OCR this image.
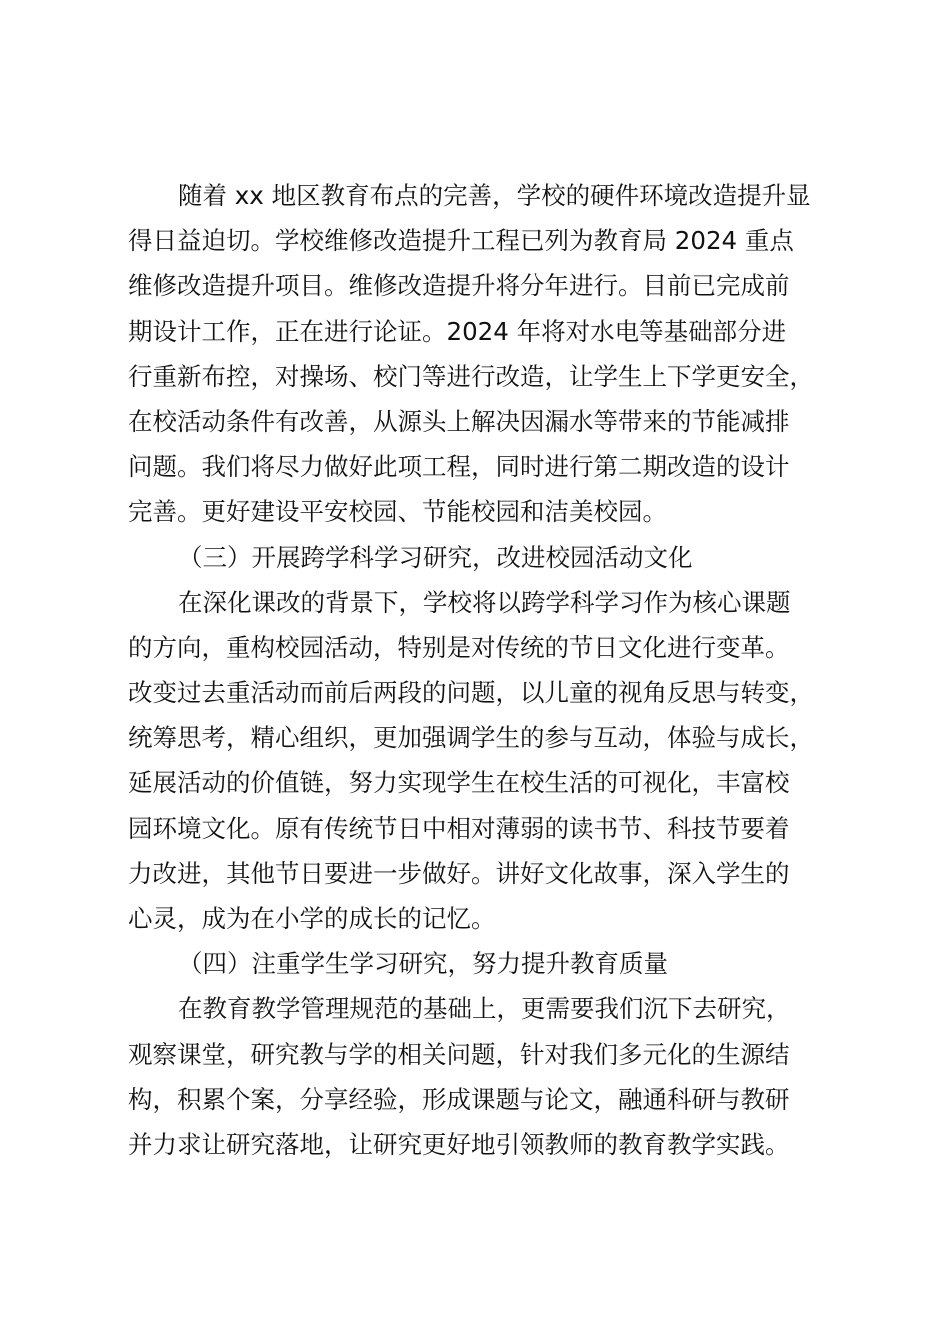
随着 xx 地区教育布点的完善，学校的硬件环境改造提升显
得日益迫切。学校维修改造提升工程已列为教育局 2024 重点
维修改造提升项目。维修改造提升将分年进行。目前已完成前
期设计工作，正在进行论证。2024 年将对水电等基础部分进
行重新布控，对操场、校门等进行改造，让学生上下学更安全，
在校活动条件有改善，从源头上解决因漏水等带来的节能减排
问题。我们将尽力做好此项工程，同时进行第二期改造的设计
完善。更好建设平安校园、节能校园和洁美校园。
（三）开展跨学科学习研究，改进校园活动文化
在深化课改的背景下，学校将以跨学科学习作为核心课题
的方向，重构校园活动，特别是对传统的节日文化进行变革。
改变过去重活动而前后两段的问题，以儿童的视角反思与转变，
统筹思考，精心组织，更加强调学生的参与互动，体验与成长，
延展活动的价值链，努力实现学生在校生活的可视化，丰富校
园环境文化。原有传统节日中相对薄弱的读书节、科技节要着
力改进，其他节日要进一步做好。讲好文化故事，深入学生的
心灵，成为在小学的成长的记忆。
（四）注重学生学习研究，努力提升教育质量
在教育教学管理规范的基础上，更需要我们沉下去研究，
观察课堂，研究教与学的相关问题，针对我们多元化的生源结
构，积累个案，分享经验，形成课题与论文，融通科研与教研
并力求让研究落地，让研究更好地引领教师的教育教学实践。
